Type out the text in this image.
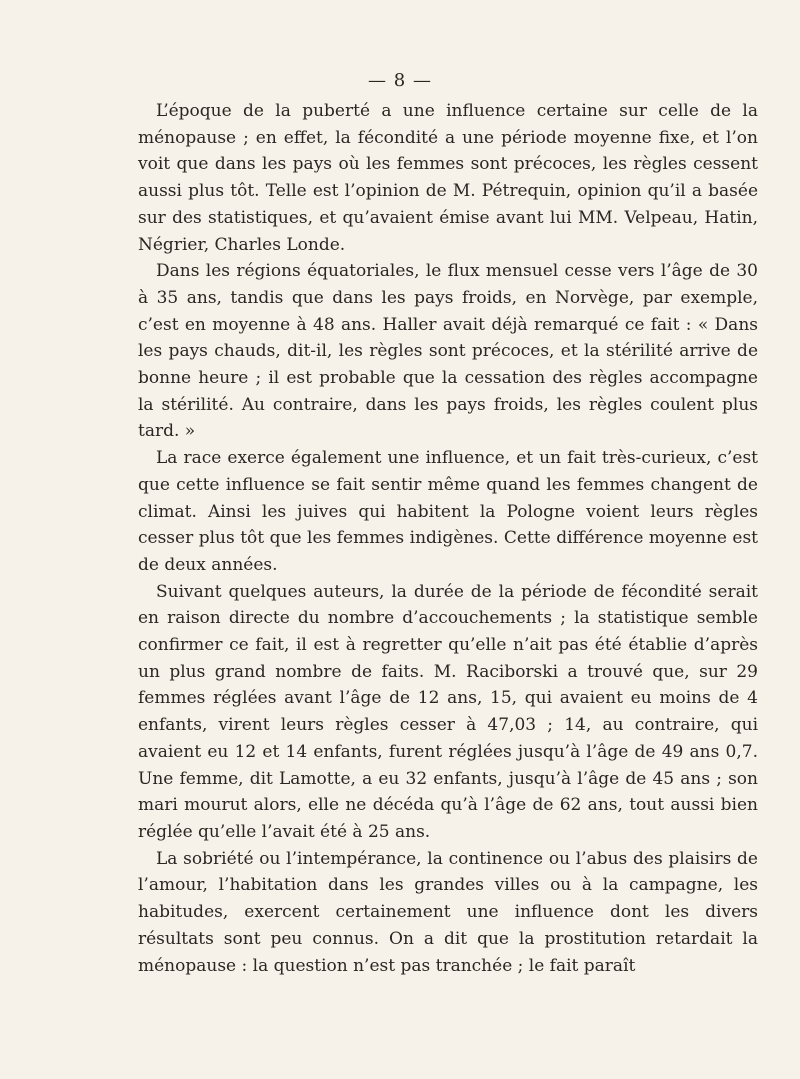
— 8 —

L’époque de la puberté a une influence certaine sur celle de la ménopause ; en effet, la fécondité a une période moyenne fixe, et l’on voit que dans les pays où les femmes sont précoces, les règles cessent aussi plus tôt. Telle est l’opinion de M. Pétrequin, opinion qu’il a basée sur des statistiques, et qu’avaient émise avant lui MM. Velpeau, Hatin, Négrier, Charles Londe.

Dans les régions équatoriales, le flux mensuel cesse vers l’âge de 30 à 35 ans, tandis que dans les pays froids, en Norvège, par exemple, c’est en moyenne à 48 ans. Haller avait déjà remarqué ce fait : « Dans les pays chauds, dit-il, les règles sont précoces, et la stérilité arrive de bonne heure ; il est probable que la cessation des règles accompagne la stérilité. Au contraire, dans les pays froids, les règles coulent plus tard. »

La race exerce également une influence, et un fait très-curieux, c’est que cette influence se fait sentir même quand les femmes changent de climat. Ainsi les juives qui habitent la Pologne voient leurs règles cesser plus tôt que les femmes indigènes. Cette différence moyenne est de deux années.

Suivant quelques auteurs, la durée de la période de fécondité serait en raison directe du nombre d’accouchements ; la statistique semble confirmer ce fait, il est à regretter qu’elle n’ait pas été établie d’après un plus grand nombre de faits. M. Raciborski a trouvé que, sur 29 femmes réglées avant l’âge de 12 ans, 15, qui avaient eu moins de 4 enfants, virent leurs règles cesser à 47,03 ; 14, au contraire, qui avaient eu 12 et 14 enfants, furent réglées jusqu’à l’âge de 49 ans 0,7. Une femme, dit Lamotte, a eu 32 enfants, jusqu’à l’âge de 45 ans ; son mari mourut alors, elle ne décéda qu’à l’âge de 62 ans, tout aussi bien réglée qu’elle l’avait été à 25 ans.

La sobriété ou l’intempérance, la continence ou l’abus des plaisirs de l’amour, l’habitation dans les grandes villes ou à la campagne, les habitudes, exercent certainement une influence dont les divers résultats sont peu connus. On a dit que la prostitution retardait la ménopause : la question n’est pas tranchée ; le fait paraît
